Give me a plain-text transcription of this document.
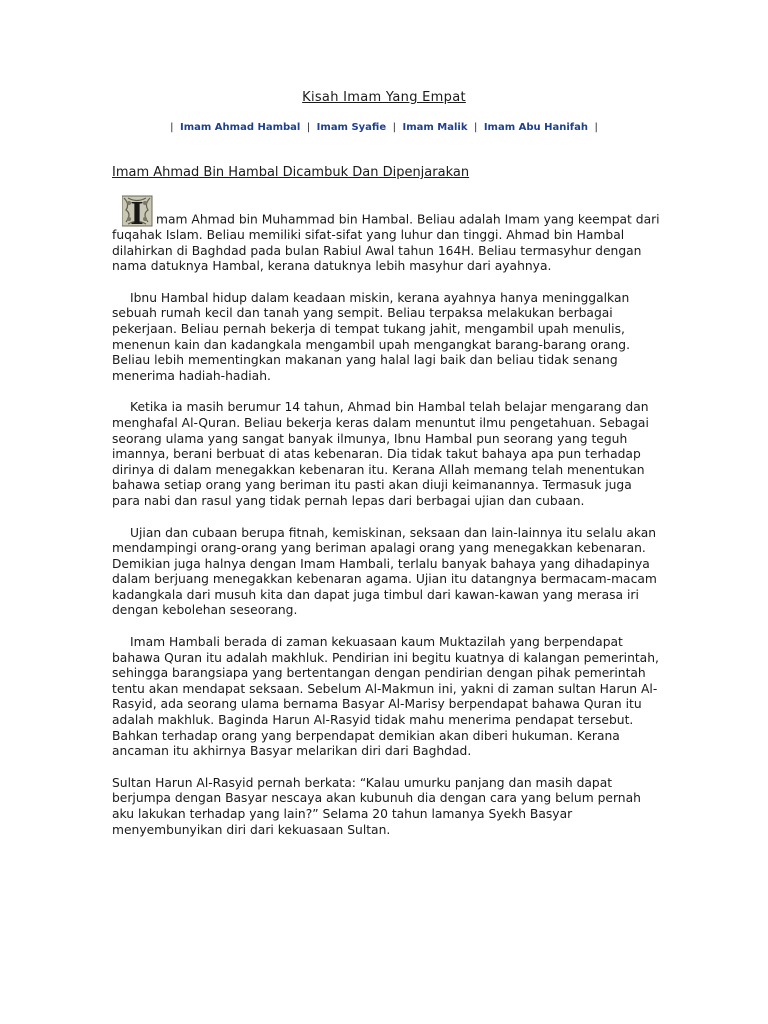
Kisah Imam Yang Empat
| Imam Ahmad Hambal | Imam Syafie | Imam Malik | Imam Abu Hanifah |
Imam Ahmad Bin Hambal Dicambuk Dan Dipenjarakan

I mam Ahmad bin Muhammad bin Hambal. Beliau adalah Imam yang keempat dari fuqahak Islam. Beliau memiliki sifat-sifat yang luhur dan tinggi. Ahmad bin Hambal dilahirkan di Baghdad pada bulan Rabiul Awal tahun 164H. Beliau termasyhur dengan nama datuknya Hambal, kerana datuknya lebih masyhur dari ayahnya.

Ibnu Hambal hidup dalam keadaan miskin, kerana ayahnya hanya meninggalkan sebuah rumah kecil dan tanah yang sempit. Beliau terpaksa melakukan berbagai pekerjaan. Beliau pernah bekerja di tempat tukang jahit, mengambil upah menulis, menenun kain dan kadangkala mengambil upah mengangkat barang-barang orang. Beliau lebih mementingkan makanan yang halal lagi baik dan beliau tidak senang menerima hadiah-hadiah.

Ketika ia masih berumur 14 tahun, Ahmad bin Hambal telah belajar mengarang dan menghafal Al-Quran. Beliau bekerja keras dalam menuntut ilmu pengetahuan. Sebagai seorang ulama yang sangat banyak ilmunya, Ibnu Hambal pun seorang yang teguh imannya, berani berbuat di atas kebenaran. Dia tidak takut bahaya apa pun terhadap dirinya di dalam menegakkan kebenaran itu. Kerana Allah memang telah menentukan bahawa setiap orang yang beriman itu pasti akan diuji keimanannya. Termasuk juga para nabi dan rasul yang tidak pernah lepas dari berbagai ujian dan cubaan.

Ujian dan cubaan berupa fitnah, kemiskinan, seksaan dan lain-lainnya itu selalu akan mendampingi orang-orang yang beriman apalagi orang yang menegakkan kebenaran. Demikian juga halnya dengan Imam Hambali, terlalu banyak bahaya yang dihadapinya dalam berjuang menegakkan kebenaran agama. Ujian itu datangnya bermacam-macam kadangkala dari musuh kita dan dapat juga timbul dari kawan-kawan yang merasa iri dengan kebolehan seseorang.

Imam Hambali berada di zaman kekuasaan kaum Muktazilah yang berpendapat bahawa Quran itu adalah makhluk. Pendirian ini begitu kuatnya di kalangan pemerintah, sehingga barangsiapa yang bertentangan dengan pendirian dengan pihak pemerintah tentu akan mendapat seksaan. Sebelum Al-Makmun ini, yakni di zaman sultan Harun Al-Rasyid, ada seorang ulama bernama Basyar Al-Marisy berpendapat bahawa Quran itu adalah makhluk. Baginda Harun Al-Rasyid tidak mahu menerima pendapat tersebut. Bahkan terhadap orang yang berpendapat demikian akan diberi hukuman. Kerana ancaman itu akhirnya Basyar melarikan diri dari Baghdad.

Sultan Harun Al-Rasyid pernah berkata: “Kalau umurku panjang dan masih dapat berjumpa dengan Basyar nescaya akan kubunuh dia dengan cara yang belum pernah aku lakukan terhadap yang lain?” Selama 20 tahun lamanya Syekh Basyar menyembunyikan diri dari kekuasaan Sultan.
